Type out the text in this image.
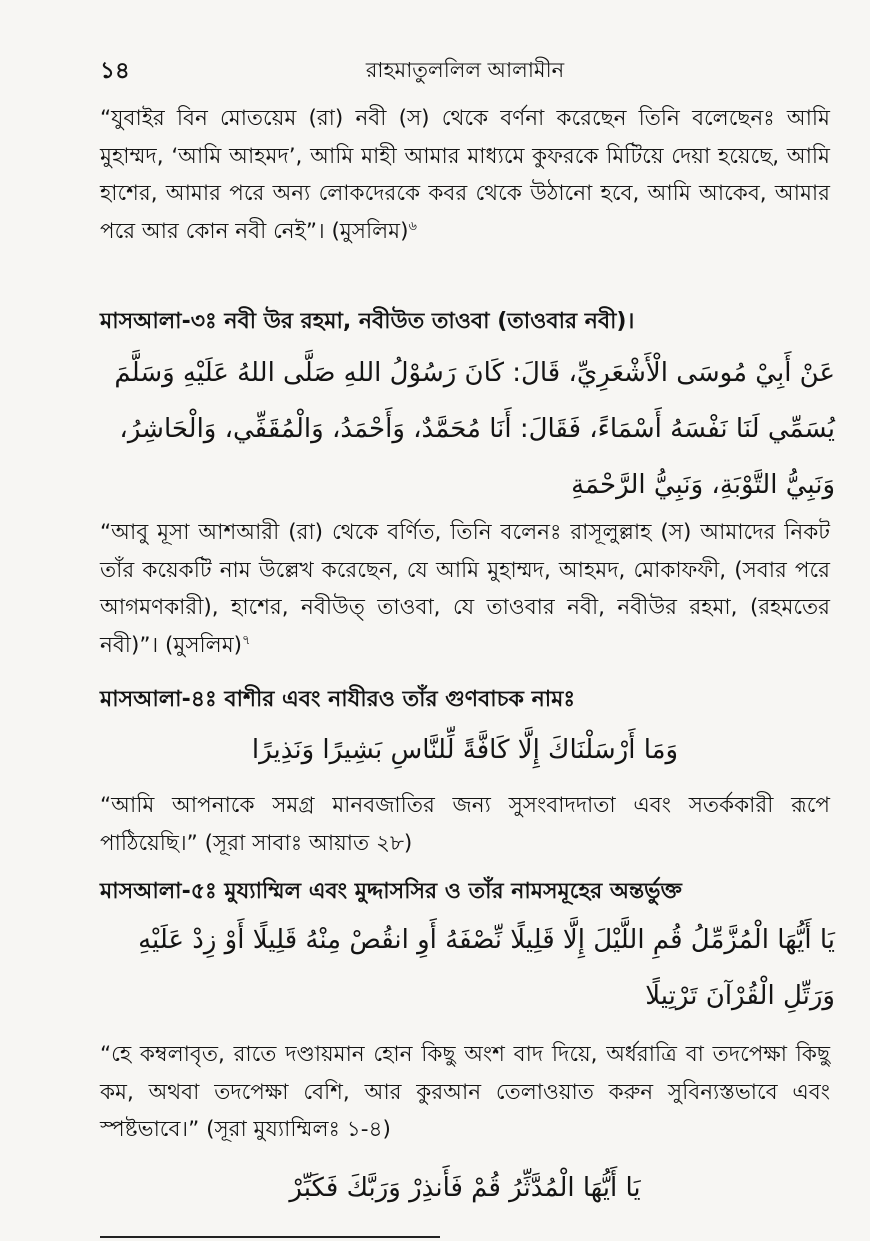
১৪	রাহমাতুললিল আলামীন

“যুবাইর বিন মোতয়েম (রা) নবী (স) থেকে বর্ণনা করেছেন তিনি বলেছেনঃ আমি মুহাম্মদ, ‘আমি আহমদ’, আমি মাহী আমার মাধ্যমে কুফরকে মিটিয়ে দেয়া হয়েছে, আমি হাশের, আমার পরে অন্য লোকদেরকে কবর থেকে উঠানো হবে, আমি আকেব, আমার পরে আর কোন নবী নেই”। (মুসলিম)$^৬$

মাসআলা-৩ঃ নবী উর রহমা, নবীউত তাওবা (তাওবার নবী)।
عَنْ أَبِيْ مُوسَى الْأَشْعَرِيِّ، قَالَ: كَانَ رَسُوْلُ اللهِ صَلَّى اللهُ عَلَيْهِ وَسَلَّمَ يُسَمِّي لَنَا نَفْسَهُ أَسْمَاءً، فَقَالَ: أَنَا مُحَمَّدٌ، وَأَحْمَدُ، وَالْمُقَفِّي، وَالْحَاشِرُ، وَنَبِيُّ التَّوْبَةِ، وَنَبِيُّ الرَّحْمَةِ

“আবু মূসা আশআরী (রা) থেকে বর্ণিত, তিনি বলেনঃ রাসূলুল্লাহ (স) আমাদের নিকট তাঁর কয়েকটি নাম উল্লেখ করেছেন, যে আমি মুহাম্মদ, আহমদ, মোকাফফী, (সবার পরে আগমণকারী), হাশের, নবীউত্ তাওবা, যে তাওবার নবী, নবীউর রহমা, (রহমতের নবী)”। (মুসলিম)$^৭$

মাসআলা-৪ঃ বাশীর এবং নাযীরও তাঁর গুণবাচক নামঃ
وَمَا أَرْسَلْنَاكَ إِلَّا كَافَّةً لِّلنَّاسِ بَشِيرًا وَنَذِيرًا

“আমি আপনাকে সমগ্র মানবজাতির জন্য সুসংবাদদাতা এবং সতর্ককারী রূপে পাঠিয়েছি।” (সূরা সাবাঃ আয়াত ২৮)

মাসআলা-৫ঃ মুয্যাম্মিল এবং মুদ্দাসসির ও তাঁর নামসমূহের অন্তর্ভুক্ত
يَا أَيُّهَا الْمُزَّمِّلُ قُمِ اللَّيْلَ إِلَّا قَلِيلًا نِّصْفَهُ أَوِ انقُصْ مِنْهُ قَلِيلًا أَوْ زِدْ عَلَيْهِ وَرَتِّلِ الْقُرْآنَ تَرْتِيلًا

“হে কম্বলাবৃত, রাতে দণ্ডায়মান হোন কিছু অংশ বাদ দিয়ে, অর্ধরাত্রি বা তদপেক্ষা কিছু কম, অথবা তদপেক্ষা বেশি, আর কুরআন তেলাওয়াত করুন সুবিন্যস্তভাবে এবং স্পষ্টভাবে।” (সূরা মুয্যাম্মিলঃ ১-৪)

يَا أَيُّهَا الْمُدَّثِّرُ قُمْ فَأَنذِرْ وَرَبَّكَ فَكَبِّرْ
